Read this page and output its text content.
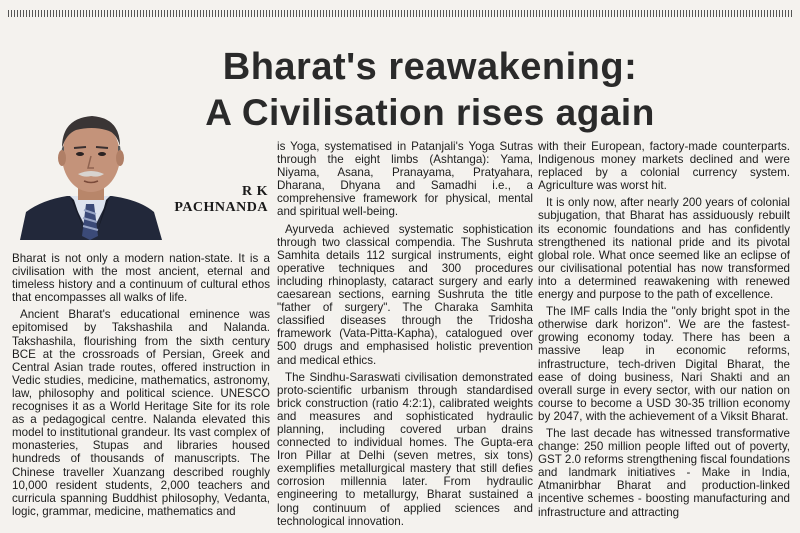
Bharat's reawakening:
A Civilisation rises again
R K
PACHNANDA

Bharat is not only a modern nation-state. It is a civilisation with the most ancient, eternal and timeless history and a continuum of cultural ethos that encompasses all walks of life.

Ancient Bharat's educational eminence was epitomised by Takshashila and Nalanda. Takshashila, flourishing from the sixth century BCE at the crossroads of Persian, Greek and Central Asian trade routes, offered instruction in Vedic studies, medicine, mathematics, astronomy, law, philosophy and political science. UNESCO recognises it as a World Heritage Site for its role as a pedagogical centre. Nalanda elevated this model to institutional grandeur. Its vast complex of monasteries, Stupas and libraries housed hundreds of thousands of manuscripts. The Chinese traveller Xuanzang described roughly 10,000 resident students, 2,000 teachers and curricula spanning Buddhist philosophy, Vedanta, logic, grammar, medicine, mathematics and

is Yoga, systematised in Patanjali's Yoga Sutras through the eight limbs (Ashtanga): Yama, Niyama, Asana, Pranayama, Pratyahara, Dharana, Dhyana and Samadhi i.e., a comprehensive framework for physical, mental and spiritual well-being.

Ayurveda achieved systematic sophistication through two classical compendia. The Sushruta Samhita details 112 surgical instruments, eight operative techniques and 300 procedures including rhinoplasty, cataract surgery and early caesarean sections, earning Sushruta the title "father of surgery". The Charaka Samhita classified diseases through the Tridosha framework (Vata-Pitta-Kapha), catalogued over 500 drugs and emphasised holistic prevention and medical ethics.

The Sindhu-Saraswati civilisation demonstrated proto-scientific urbanism through standardised brick construction (ratio 4:2:1), calibrated weights and measures and sophisticated hydraulic planning, including covered urban drains connected to individual homes. The Gupta-era Iron Pillar at Delhi (seven metres, six tons) exemplifies metallurgical mastery that still defies corrosion millennia later. From hydraulic engineering to metallurgy, Bharat sustained a long continuum of applied sciences and technological innovation.

with their European, factory-made counterparts. Indigenous money markets declined and were replaced by a colonial currency system. Agriculture was worst hit.

It is only now, after nearly 200 years of colonial subjugation, that Bharat has assiduously rebuilt its economic foundations and has confidently strengthened its national pride and its pivotal global role. What once seemed like an eclipse of our civilisational potential has now transformed into a determined reawakening with renewed energy and purpose to the path of excellence.

The IMF calls India the "only bright spot in the otherwise dark horizon". We are the fastest-growing economy today. There has been a massive leap in economic reforms, infrastructure, tech-driven Digital Bharat, the ease of doing business, Nari Shakti and an overall surge in every sector, with our nation on course to become a USD 30-35 trillion economy by 2047, with the achievement of a Viksit Bharat.

The last decade has witnessed transformative change: 250 million people lifted out of poverty, GST 2.0 reforms strengthening fiscal foundations and landmark initiatives - Make in India, Atmanirbhar Bharat and production-linked incentive schemes - boosting manufacturing and infrastructure and attracting
